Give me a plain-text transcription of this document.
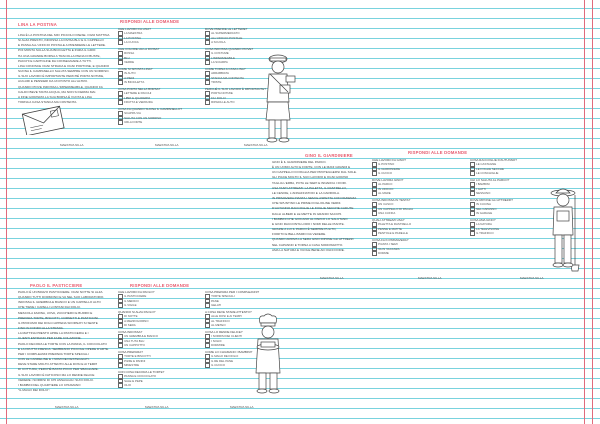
LINA LA POSTINA
LINA È LA POSTINA DEL MIO PICCOLO PAESE. OGNI MATTINA
SI ALZA PRESTO, INDOSSA LA DIVISA BLU E IL CAPPELLO
E PASSA ALL'UFFICIO POSTALE A PRENDERE LE LETTERE.
POI MONTA SULLA SUA BICICLETTA E INIZIA IL GIRO:
HA UNA GRANDE BORSA A TRACOLLA PIENA DI BUSTE,
PACCHI E CARTOLINE DA CONSEGNARE A TUTTI.
LINA CONOSCE OGNI STRADA E OGNI PORTONE, E QUANDO
SUONA IL CAMPANELLO SALUTA SEMPRE CON UN SORRISO.
IL SUO LAVORO È IMPORTANTE PERCHÉ PORTA NOTIZIE,
AUGURI E PENSIERI DA UN POSTO ALL'ALTRO.
QUANDO PIOVE INDOSSA L'IMPERMEABILE, QUANDO FA
CALDO BEVE TANTA ACQUA, MA NON SI FERMA MAI.
A FINE GIORNATA LA SUA BORSA È VUOTA E LINA
TORNA A CASA STANCA MA CONTENTA.
RISPONDI ALLE DOMANDE
CHE LAVORO FA LINA?
LA MAESTRA
LA POSTINA
LA CUOCA
CHE COLORE HA LA DIVISA?
ROSSA
BLU
VERDE
COME SI SPOSTA LINA?
IN AUTO
A PIEDI
IN BICICLETTA
COSA PORTA NELLA BORSA?
LETTERE E PACCHI
LIBRI E QUADERNI
FRUTTA E VERDURA
COSA FA QUANDO SUONA IL CAMPANELLO?
SCAPPA VIA
SALUTA CON UN SORRISO
URLA FORTE
DOVE PRENDE LE LETTERE?
AL SUPERMERCATO
ALL'UFFICIO POSTALE
A SCUOLA
COSA INDOSSA QUANDO PIOVE?
IL COSTUME
L'IMPERMEABILE
LA SCIARPA
COME TORNA A CASA LINA?
ARRABBIATA
STANCA MA CONTENTA
TRISTE
PERCHÉ IL SUO LAVORO È IMPORTANTE?
PORTA NOTIZIE
FA I DOLCI
RIPARA LE AUTO
MAESTRA NILLA	MAESTRA NILLA	MAESTRA NILLA
GINO IL GIARDINIERE
GINO È IL GIARDINIERE DEL PARCO.
È UN UOMO ALTO E FORTE, CON LE MANI GRANDI E
UN CAPPELLO DI PAGLIA PER PROTEGGERSI DAL SOLE.
GLI PIACE MOLTO IL SUO LAVORO E OGNI GIORNO
TAGLIA L'ERBA, POTA LE SIEPI E INNAFFIA I FIORI.
USA TANTI ATTREZZI: LA PALETTA, IL RASTRELLO,
LE CESOIE, L'ANNAFFIATOIO E LA CARRIOLA.
IN PRIMAVERA PIANTA I SEMI E ASPETTA CON PAZIENZA
CHE SPUNTINO LE PRIME FOGLIOLINE VERDI.
D'AUTUNNO RACCOGLIE LE FOGLIE SECCHE CADUTE
DAGLI ALBERI E LE METTE IN GRANDI SACCHI.
I BAMBINI CHE GIOCANO AL PARCO LO SALUTANO
E GINO RACCONTA LORO I NOMI DELLE PIANTE.
GRAZIE A LUI IL PARCO È SEMPRE PULITO,
FIORITO E BELLISSIMO DA VEDERE.
QUANDO ARRIVA LA SERA GINO RIPONE GLI ATTREZZI
NEL CAPANNO E TORNA A CASA SODDISFATTO.
AMA LA NATURA E VUOLE BENE AD OGNI FIORE.
RISPONDI ALLE DOMANDE
CHE LAVORO FA GINO?
IL POSTINO
IL GIARDINIERE
IL CUOCO
DOVE LAVORA GINO?
AL PARCO
IN UFFICIO
AL MARE
COSA INDOSSA IN TESTA?
UN CASCO
UN CAPPELLO DI PAGLIA
UNA CUFFIA
QUALI ATTREZZI USA?
PALETTA E RASTRELLO
PENNE E MATITE
PENTOLE E PADELLE
COSA FA IN PRIMAVERA?
PIANTA I SEMI
VA IN VACANZA
DORME
COSA RACCOGLIE D'AUTUNNO?
LE CASTAGNE
LE FOGLIE SECCHE
LE CONCHIGLIE
CHI LO SALUTA AL PARCO?
I BAMBINI
I GATTI
NESSUNO
DOVE RIPONE GLI ATTREZZI?
IN CUCINA
NEL CAPANNO
IN GARAGE
COSA AMA GINO?
LA NATURA
LA TELEVISIONE
IL TRAFFICO
MAESTRA NILLA	MAESTRA NILLA	MAESTRA NILLA
PAOLO IL PASTICCIERE
PAOLO È UN BRAVO PASTICCIERE. OGNI NOTTE SI ALZA
QUANDO TUTTI DORMONO E VA NEL SUO LABORATORIO.
INDOSSA IL GREMBIULE BIANCO E UN CAPPELLO ALTO
CHE TIENE I CAPELLI LONTANI DAI DOLCI.
MESCOLA FARINA, UOVA, ZUCCHERO E BURRO E
PREPARA TORTE, BISCOTTI, CORNETTI E PASTICCINI.
IL PROFUMO DEI DOLCI APPENA SFORNATI SI SENTE
FINO IN FONDO ALLA STRADA.
LA MATTINA PRESTO APRE LA PASTICCERIA E I
CLIENTI ENTRANO PER FARE COLAZIONE.
PAOLO DECORA LE TORTE CON LA PANNA, IL CIOCCOLATO
E LA FRUTTA FRESCA: SEMBRANO PICCOLE OPERE D'ARTE.
PER I COMPLEANNI PREPARA TORTE SPECIALI
CON LE CANDELINE E I NOMI DEI FESTEGGIATI.
DEVE STARE MOLTO ATTENTO ALLE DOSI E AI TEMPI
DI COTTURA, PERCHÉ BASTA POCO PER SBAGLIARE.
IL SUO LAVORO È FATICOSO MA LO RENDE FELICE
VEDERE I SORRISI DI CHI ASSAGGIA I SUOI DOLCI.
I BAMBINI DEL QUARTIERE LO CHIAMANO
"IL MAGO DEI DOLCI".
RISPONDI ALLE DOMANDE
CHE LAVORO FA PAOLO?
IL PASTICCIERE
IL MEDICO
IL VIGILE
QUANDO SI ALZA PAOLO?
DI NOTTE
A MEZZOGIORNO
DI SERA
COSA INDOSSA?
UN GREMBIULE BIANCO
UNA TUTA BLU
UN CAPPOTTO
COSA PREPARA?
TORTE E BISCOTTI
PIZZE E PANINI
MINESTRE
CON COSA DECORA LE TORTE?
PANNA E CIOCCOLATO
SALE E PEPE
OLIO
COSA PREPARA PER I COMPLEANNI?
TORTE SPECIALI
PANE
GELATI
A COSA DEVE STARE ATTENTO?
ALLE DOSI E AI TEMPI
AL TRAFFICO
AL METEO
COSA LO RENDE FELICE?
I SORRISI DEI CLIENTI
I SOLDI
DORMIRE
COME LO CHIAMANO I BAMBINI?
IL MAGO DEI DOLCI
IL RE DEL PANE
IL CUOCO
MAESTRA NILLA	MAESTRA NILLA	MAESTRA NILLA
